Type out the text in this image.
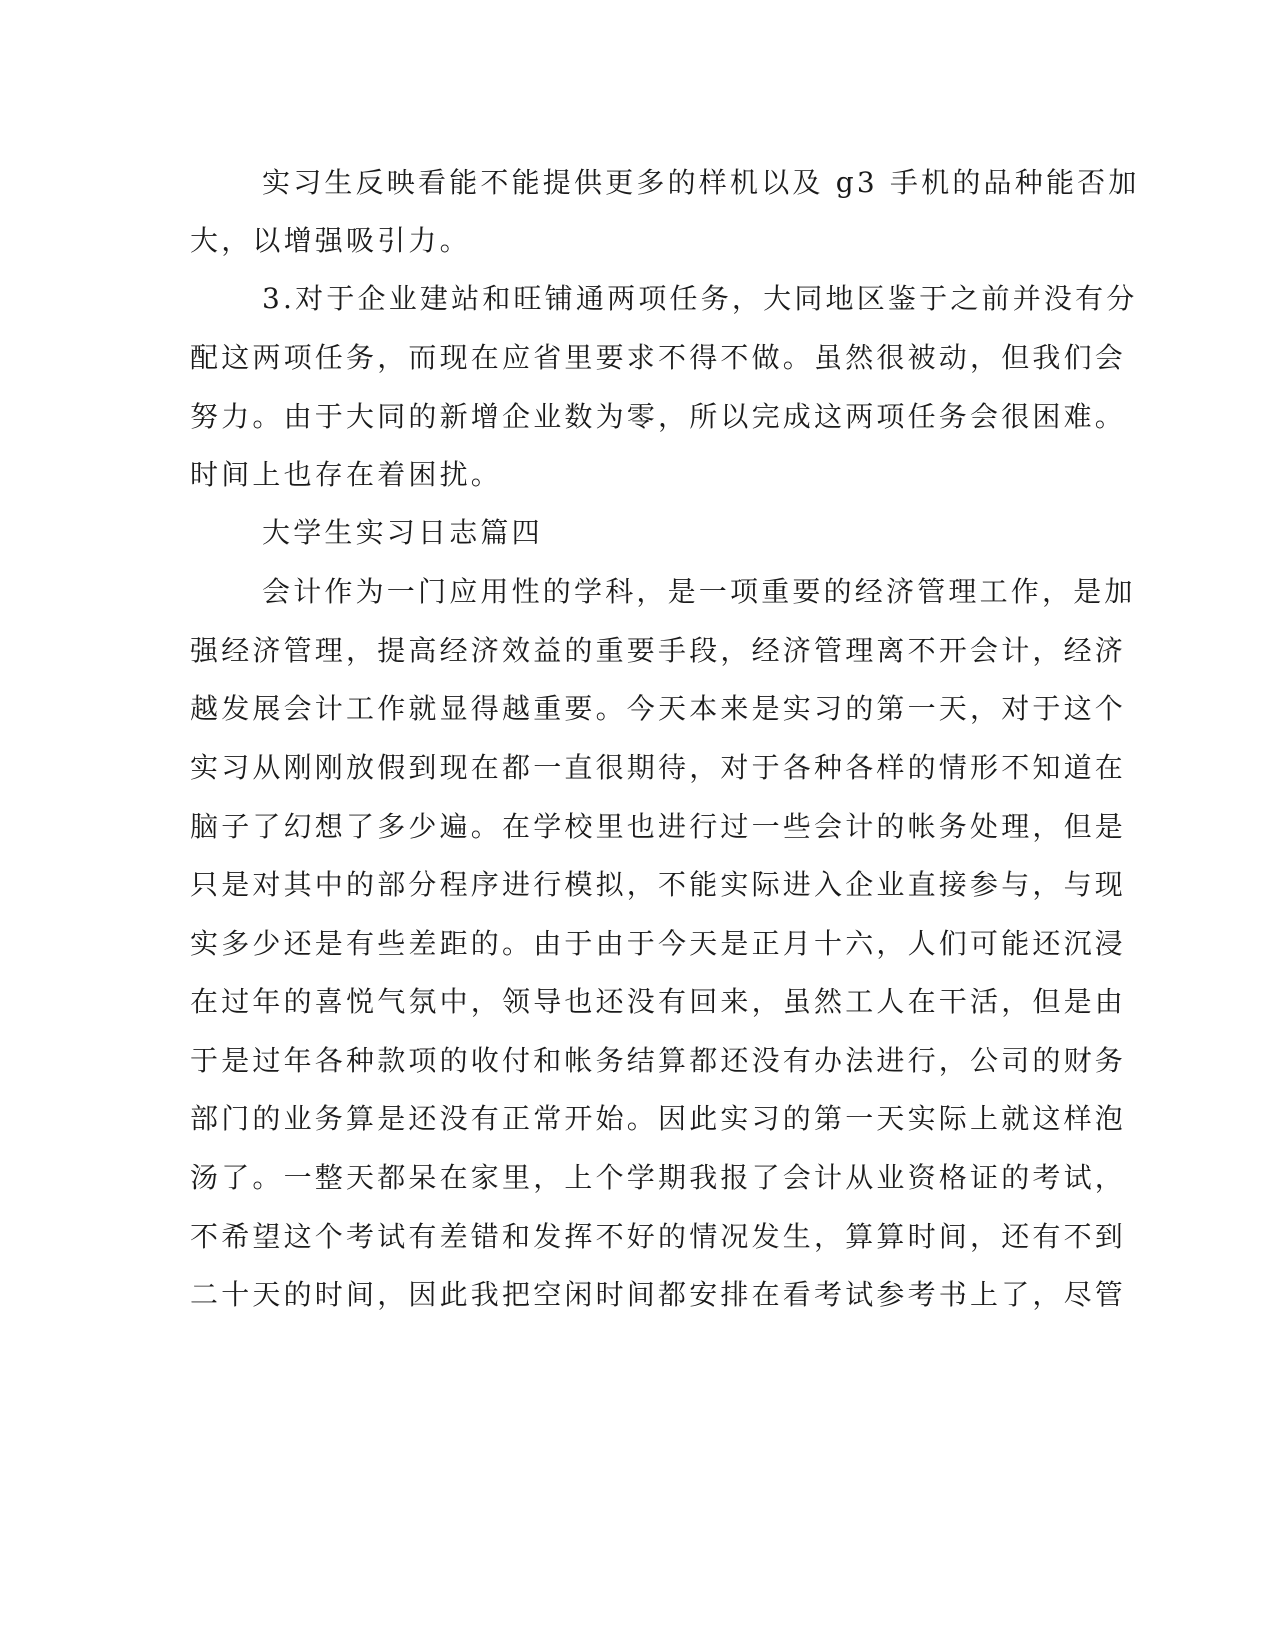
实习生反映看能不能提供更多的样机以及 g3 手机的品种能否加
大，以增强吸引力。
3.对于企业建站和旺铺通两项任务，大同地区鉴于之前并没有分
配这两项任务，而现在应省里要求不得不做。虽然很被动，但我们会
努力。由于大同的新增企业数为零，所以完成这两项任务会很困难。
时间上也存在着困扰。
大学生实习日志篇四
会计作为一门应用性的学科，是一项重要的经济管理工作，是加
强经济管理，提高经济效益的重要手段，经济管理离不开会计，经济
越发展会计工作就显得越重要。今天本来是实习的第一天，对于这个
实习从刚刚放假到现在都一直很期待，对于各种各样的情形不知道在
脑子了幻想了多少遍。在学校里也进行过一些会计的帐务处理，但是
只是对其中的部分程序进行模拟，不能实际进入企业直接参与，与现
实多少还是有些差距的。由于由于今天是正月十六，人们可能还沉浸
在过年的喜悦气氛中，领导也还没有回来，虽然工人在干活，但是由
于是过年各种款项的收付和帐务结算都还没有办法进行，公司的财务
部门的业务算是还没有正常开始。因此实习的第一天实际上就这样泡
汤了。一整天都呆在家里，上个学期我报了会计从业资格证的考试，
不希望这个考试有差错和发挥不好的情况发生，算算时间，还有不到
二十天的时间，因此我把空闲时间都安排在看考试参考书上了，尽管
